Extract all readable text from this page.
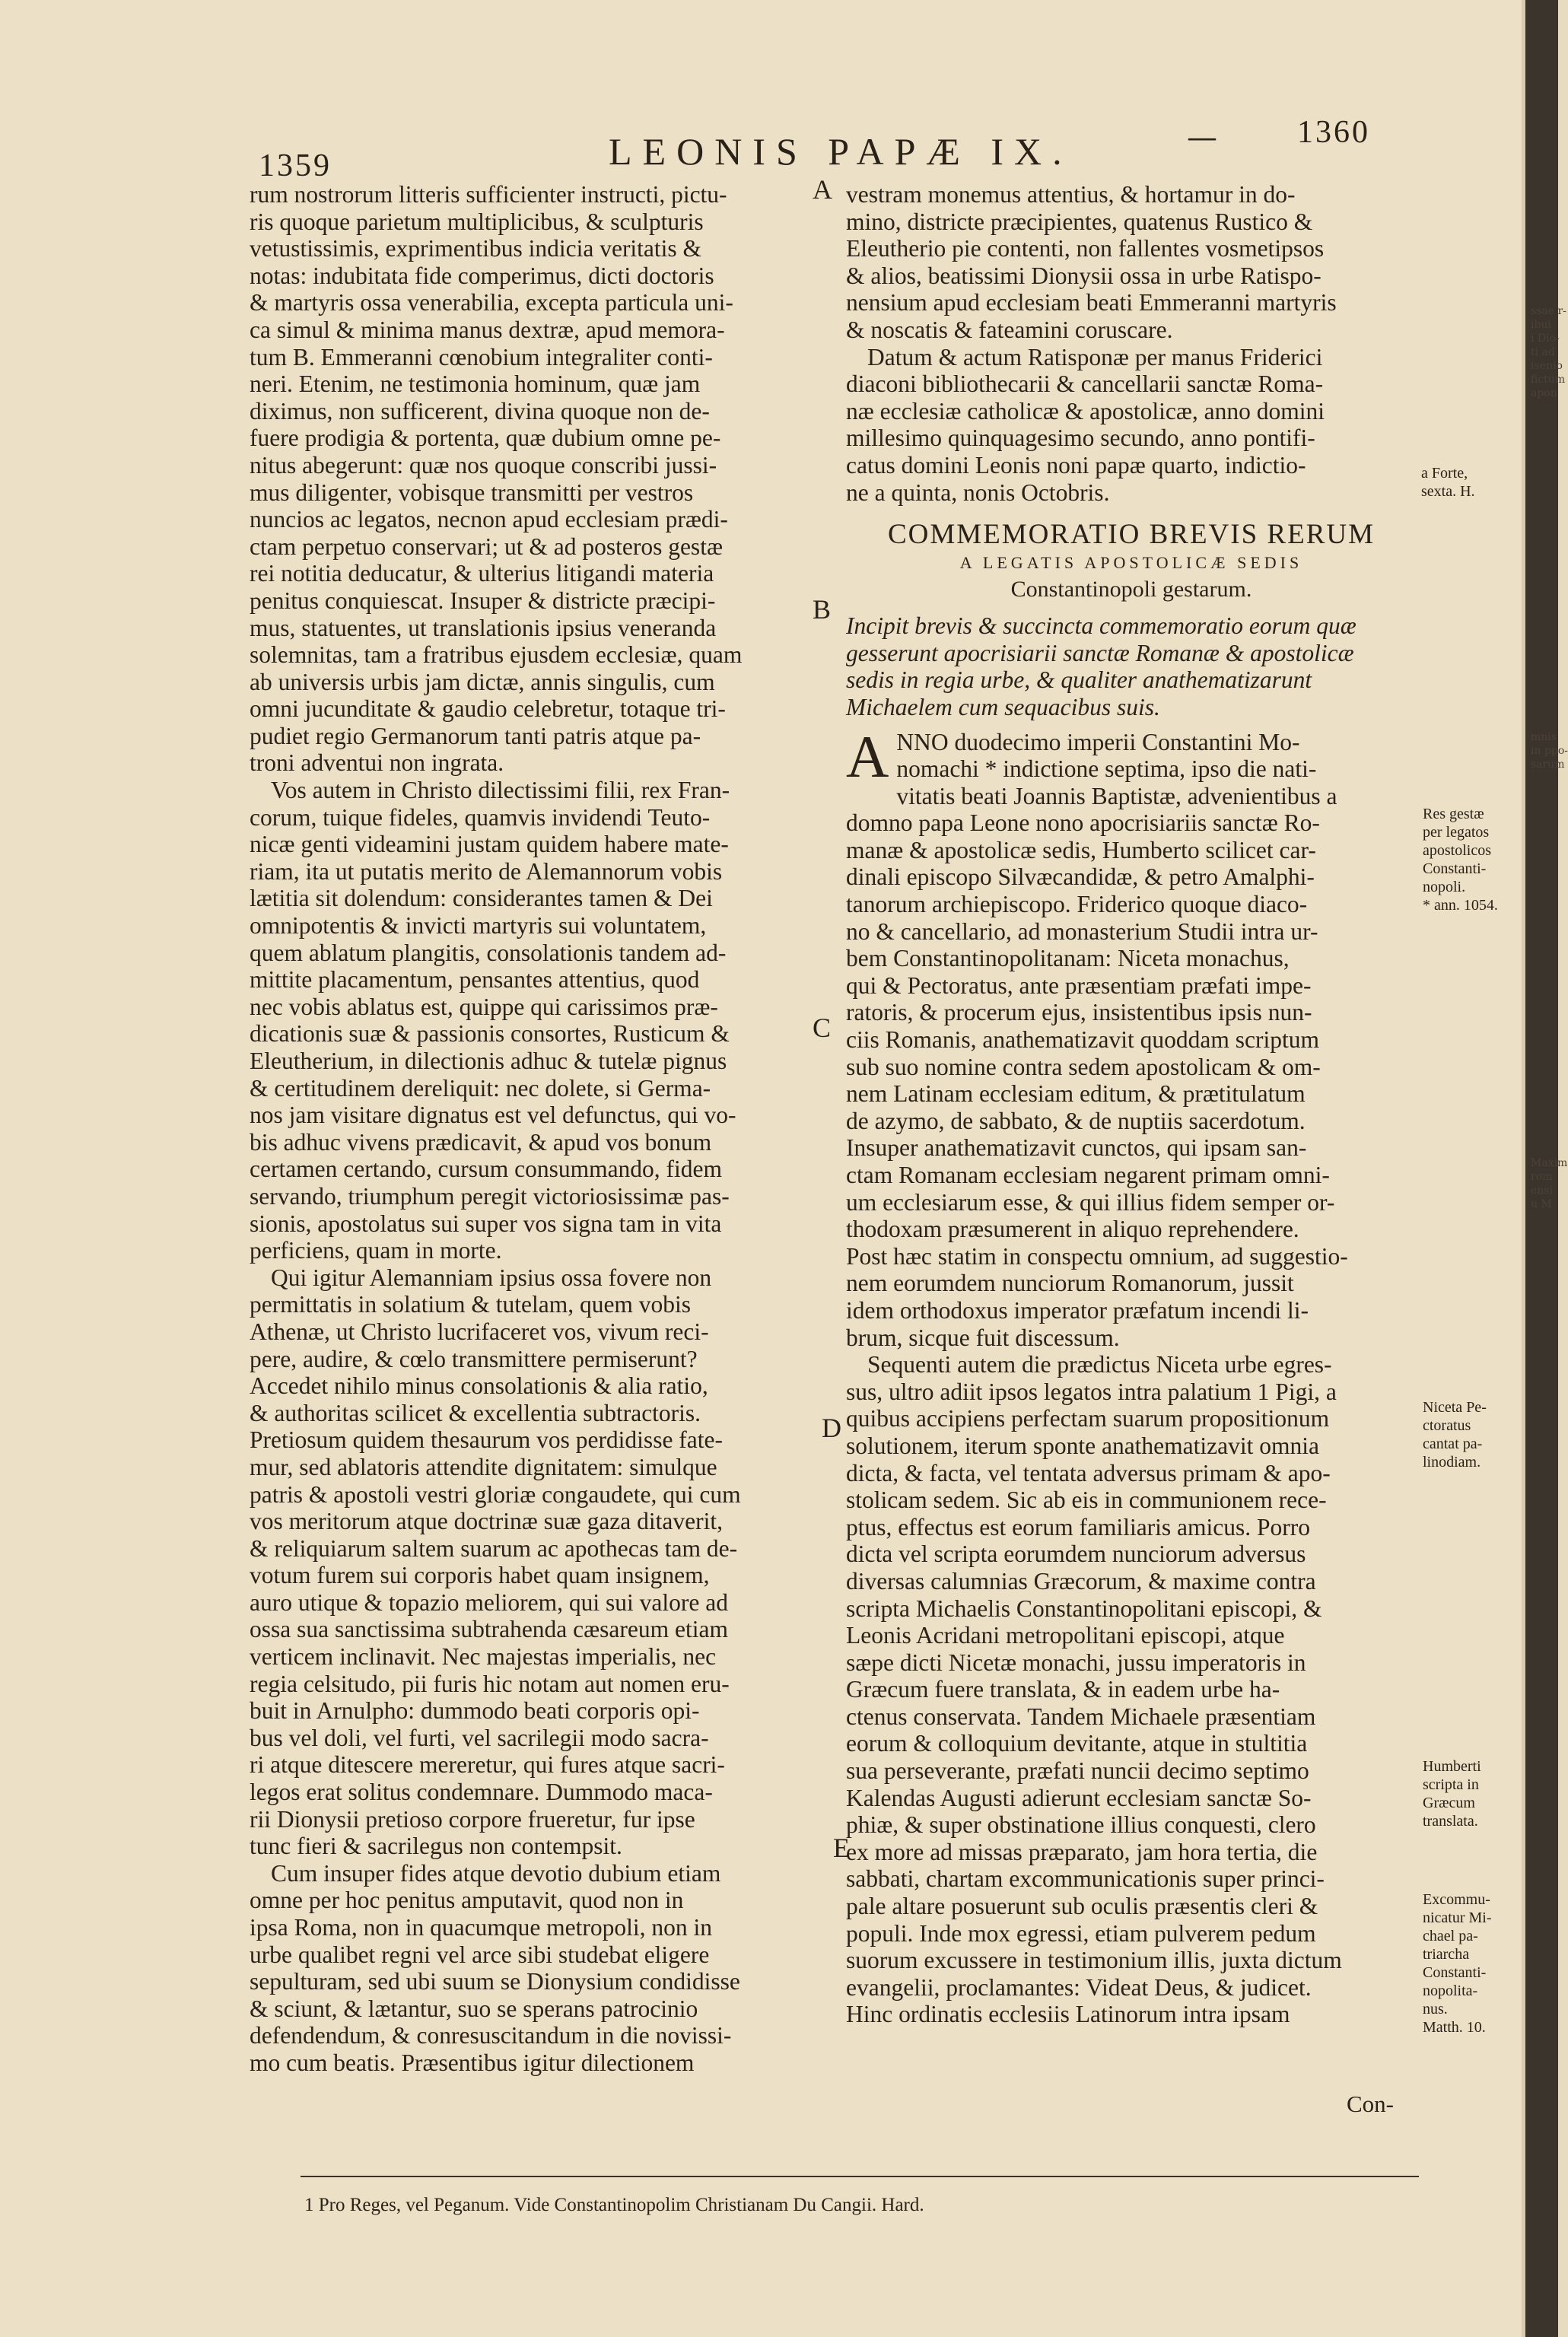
1359	LEONIS PAPÆ IX.	—	1360
A
B
C
D
E
rum nostrorum litteris sufficienter instructi, pictu-
ris quoque parietum multiplicibus, & sculpturis
vetustissimis, exprimentibus indicia veritatis &
notas: indubitata fide comperimus, dicti doctoris
& martyris ossa venerabilia, excepta particula uni-
ca simul & minima manus dextræ, apud memora-
tum B. Emmeranni cœnobium integraliter conti-
neri. Etenim, ne testimonia hominum, quæ jam
diximus, non sufficerent, divina quoque non de-
fuere prodigia & portenta, quæ dubium omne pe-
nitus abegerunt: quæ nos quoque conscribi jussi-
mus diligenter, vobisque transmitti per vestros
nuncios ac legatos, necnon apud ecclesiam prædi-
ctam perpetuo conservari; ut & ad posteros gestæ
rei notitia deducatur, & ulterius litigandi materia
penitus conquiescat. Insuper & districte præcipi-
mus, statuentes, ut translationis ipsius veneranda
solemnitas, tam a fratribus ejusdem ecclesiæ, quam
ab universis urbis jam dictæ, annis singulis, cum
omni jucunditate & gaudio celebretur, totaque tri-
pudiet regio Germanorum tanti patris atque pa-
troni adventui non ingrata.
Vos autem in Christo dilectissimi filii, rex Fran-
corum, tuique fideles, quamvis invidendi Teuto-
nicæ genti videamini justam quidem habere mate-
riam, ita ut putatis merito de Alemannorum vobis
lætitia sit dolendum: considerantes tamen & Dei
omnipotentis & invicti martyris sui voluntatem,
quem ablatum plangitis, consolationis tandem ad-
mittite placamentum, pensantes attentius, quod
nec vobis ablatus est, quippe qui carissimos præ-
dicationis suæ & passionis consortes, Rusticum &
Eleutherium, in dilectionis adhuc & tutelæ pignus
& certitudinem dereliquit: nec dolete, si Germa-
nos jam visitare dignatus est vel defunctus, qui vo-
bis adhuc vivens prædicavit, & apud vos bonum
certamen certando, cursum consummando, fidem
servando, triumphum peregit victoriosissimæ pas-
sionis, apostolatus sui super vos signa tam in vita
perficiens, quam in morte.
Qui igitur Alemanniam ipsius ossa fovere non
permittatis in solatium & tutelam, quem vobis
Athenæ, ut Christo lucrifaceret vos, vivum reci-
pere, audire, & cœlo transmittere permiserunt?
Accedet nihilo minus consolationis & alia ratio,
& authoritas scilicet & excellentia subtractoris.
Pretiosum quidem thesaurum vos perdidisse fate-
mur, sed ablatoris attendite dignitatem: simulque
patris & apostoli vestri gloriæ congaudete, qui cum
vos meritorum atque doctrinæ suæ gaza ditaverit,
& reliquiarum saltem suarum ac apothecas tam de-
votum furem sui corporis habet quam insignem,
auro utique & topazio meliorem, qui sui valore ad
ossa sua sanctissima subtrahenda cæsareum etiam
verticem inclinavit. Nec majestas imperialis, nec
regia celsitudo, pii furis hic notam aut nomen eru-
buit in Arnulpho: dummodo beati corporis opi-
bus vel doli, vel furti, vel sacrilegii modo sacra-
ri atque ditescere mereretur, qui fures atque sacri-
legos erat solitus condemnare. Dummodo maca-
rii Dionysii pretioso corpore frueretur, fur ipse
tunc fieri & sacrilegus non contempsit.
Cum insuper fides atque devotio dubium etiam
omne per hoc penitus amputavit, quod non in
ipsa Roma, non in quacumque metropoli, non in
urbe qualibet regni vel arce sibi studebat eligere
sepulturam, sed ubi suum se Dionysium condidisse
& sciunt, & lætantur, suo se sperans patrocinio
defendendum, & conresuscitandum in die novissi-
mo cum beatis. Præsentibus igitur dilectionem
vestram monemus attentius, & hortamur in do-
mino, districte præcipientes, quatenus Rustico &
Eleutherio pie contenti, non fallentes vosmetipsos
& alios, beatissimi Dionysii ossa in urbe Ratispo-
nensium apud ecclesiam beati Emmeranni martyris
& noscatis & fateamini coruscare.
Datum & actum Ratisponæ per manus Friderici
diaconi bibliothecarii & cancellarii sanctæ Roma-
næ ecclesiæ catholicæ & apostolicæ, anno domini
millesimo quinquagesimo secundo, anno pontifi-
catus domini Leonis noni papæ quarto, indictio-
ne a quinta, nonis Octobris.
COMMEMORATIO BREVIS RERUM
A LEGATIS APOSTOLICÆ SEDIS
Constantinopoli gestarum.
Incipit brevis & succincta commemoratio eorum quæ
gesserunt apocrisiarii sanctæ Romanæ & apostolicæ
sedis in regia urbe, & qualiter anathematizarunt
Michaelem cum sequacibus suis.
A NNO duodecimo imperii Constantini Mo-
nomachi * indictione septima, ipso die nati-
vitatis beati Joannis Baptistæ, advenientibus a
domno papa Leone nono apocrisiariis sanctæ Ro-
manæ & apostolicæ sedis, Humberto scilicet car-
dinali episcopo Silvæcandidæ, & petro Amalphi-
tanorum archiepiscopo. Friderico quoque diaco-
no & cancellario, ad monasterium Studii intra ur-
bem Constantinopolitanam: Niceta monachus,
qui & Pectoratus, ante præsentiam præfati impe-
ratoris, & procerum ejus, insistentibus ipsis nun-
ciis Romanis, anathematizavit quoddam scriptum
sub suo nomine contra sedem apostolicam & om-
nem Latinam ecclesiam editum, & prætitulatum
de azymo, de sabbato, & de nuptiis sacerdotum.
Insuper anathematizavit cunctos, qui ipsam san-
ctam Romanam ecclesiam negarent primam omni-
um ecclesiarum esse, & qui illius fidem semper or-
thodoxam præsumerent in aliquo reprehendere.
Post hæc statim in conspectu omnium, ad suggestio-
nem eorumdem nunciorum Romanorum, jussit
idem orthodoxus imperator præfatum incendi li-
brum, sicque fuit discessum.
Sequenti autem die prædictus Niceta urbe egres-
sus, ultro adiit ipsos legatos intra palatium 1 Pigi, a
quibus accipiens perfectam suarum propositionum
solutionem, iterum sponte anathematizavit omnia
dicta, & facta, vel tentata adversus primam & apo-
stolicam sedem. Sic ab eis in communionem rece-
ptus, effectus est eorum familiaris amicus. Porro
dicta vel scripta eorumdem nunciorum adversus
diversas calumnias Græcorum, & maxime contra
scripta Michaelis Constantinopolitani episcopi, &
Leonis Acridani metropolitani episcopi, atque
sæpe dicti Nicetæ monachi, jussu imperatoris in
Græcum fuere translata, & in eadem urbe ha-
ctenus conservata. Tandem Michaele præsentiam
eorum & colloquium devitante, atque in stultitia
sua perseverante, præfati nuncii decimo septimo
Kalendas Augusti adierunt ecclesiam sanctæ So-
phiæ, & super obstinatione illius conquesti, clero
ex more ad missas præparato, jam hora tertia, die
sabbati, chartam excommunicationis super princi-
pale altare posuerunt sub oculis præsentis cleri &
populi. Inde mox egressi, etiam pulverem pedum
suorum excussere in testimonium illis, juxta dictum
evangelii, proclamantes: Videat Deus, & judicet.
Hinc ordinatis ecclesiis Latinorum intra ipsam
Con-
a Forte,
sexta. H.
Res gestæ
per legatos
apostolicos
Constanti-
nopoli.
* ann. 1054.
Niceta Pe-
ctoratus
cantat pa-
linodiam.
Humberti
scripta in
Græcum
translata.
Excommu-
nicatur Mi-
chael pa-
triarcha
Constanti-
nopolita-
nus.
Matth. 10.
ssae r-
ibui
i Dio-
ti ad
isenio
fictum
apon
mnis
in ppo-
sarum
Maxim
rom
ensi
u M
1 Pro Reges, vel Peganum. Vide Constantinopolim Christianam Du Cangii. Hard.
